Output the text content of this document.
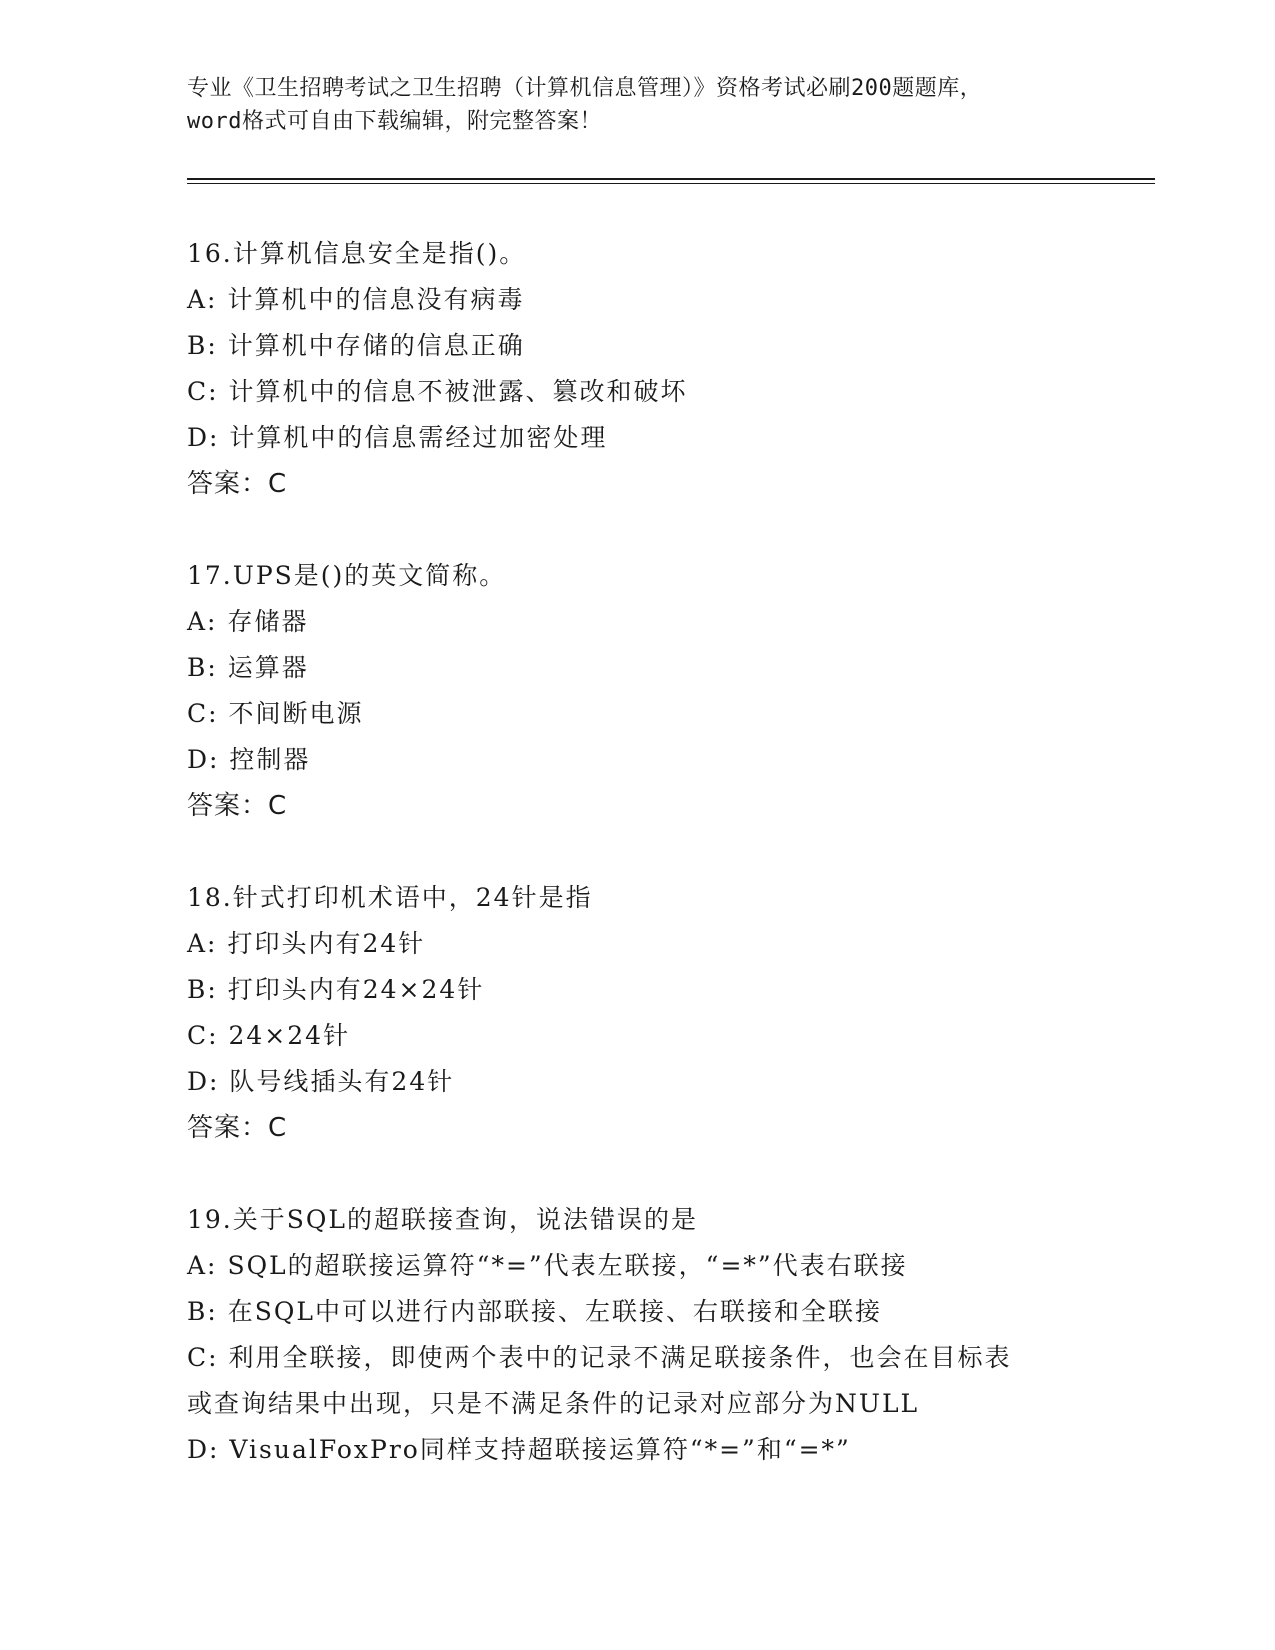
专业《卫生招聘考试之卫生招聘（计算机信息管理）》资格考试必刷200题题库，
word格式可自由下载编辑，附完整答案！
16.计算机信息安全是指()。
A: 计算机中的信息没有病毒
B: 计算机中存储的信息正确
C: 计算机中的信息不被泄露、篡改和破坏
D: 计算机中的信息需经过加密处理
答案：C
17.UPS是()的英文简称。
A: 存储器
B: 运算器
C: 不间断电源
D: 控制器
答案：C
18.针式打印机术语中，24针是指
A: 打印头内有24针
B: 打印头内有24×24针
C: 24×24针
D: 队号线插头有24针
答案：C
19.关于SQL的超联接查询，说法错误的是
A: SQL的超联接运算符“*=”代表左联接，“=*”代表右联接
B: 在SQL中可以进行内部联接、左联接、右联接和全联接
C: 利用全联接，即使两个表中的记录不满足联接条件，也会在目标表
或查询结果中出现，只是不满足条件的记录对应部分为NULL
D: VisualFoxPro同样支持超联接运算符“*=”和“=*”
